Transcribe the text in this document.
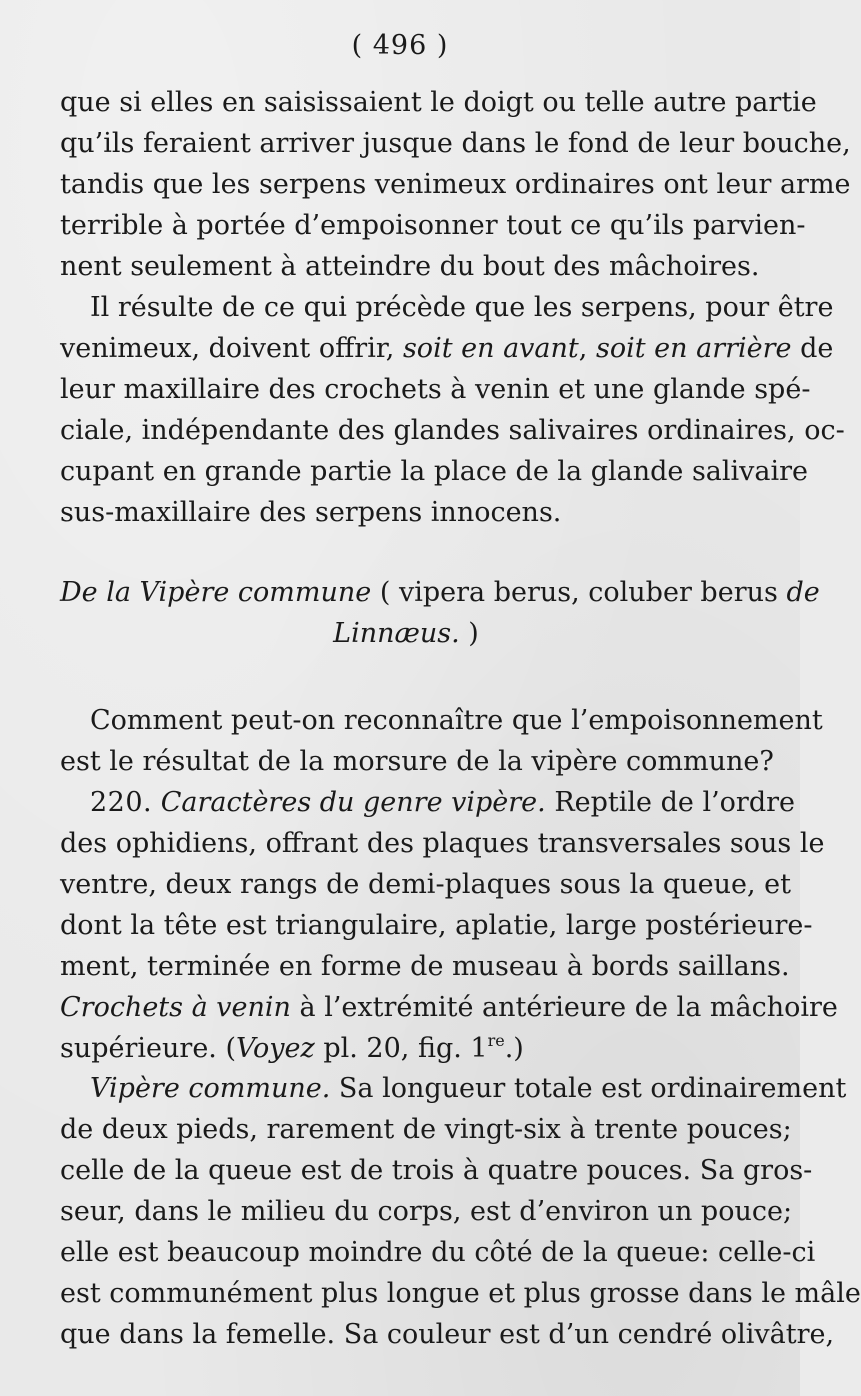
( 496 )
que si elles en saisissaient le doigt ou telle autre partie
qu’ils feraient arriver jusque dans le fond de leur bouche,
tandis que les serpens venimeux ordinaires ont leur arme
terrible à portée d’empoisonner tout ce qu’ils parvien-
nent seulement à atteindre du bout des mâchoires.
Il résulte de ce qui précède que les serpens, pour être
venimeux, doivent offrir, soit en avant, soit en arrière de
leur maxillaire des crochets à venin et une glande spé-
ciale, indépendante des glandes salivaires ordinaires, oc-
cupant en grande partie la place de la glande salivaire
sus-maxillaire des serpens innocens.
De la Vipère commune ( vipera berus, coluber berus de
Linnæus. )
Comment peut-on reconnaître que l’empoisonnement
est le résultat de la morsure de la vipère commune?
220. Caractères du genre vipère. Reptile de l’ordre
des ophidiens, offrant des plaques transversales sous le
ventre, deux rangs de demi-plaques sous la queue, et
dont la tête est triangulaire, aplatie, large postérieure-
ment, terminée en forme de museau à bords saillans.
Crochets à venin à l’extrémité antérieure de la mâchoire
supérieure. (Voyez pl. 20, fig. 1re.)
Vipère commune. Sa longueur totale est ordinairement
de deux pieds, rarement de vingt-six à trente pouces;
celle de la queue est de trois à quatre pouces. Sa gros-
seur, dans le milieu du corps, est d’environ un pouce;
elle est beaucoup moindre du côté de la queue: celle-ci
est communément plus longue et plus grosse dans le mâle
que dans la femelle. Sa couleur est d’un cendré olivâtre,
